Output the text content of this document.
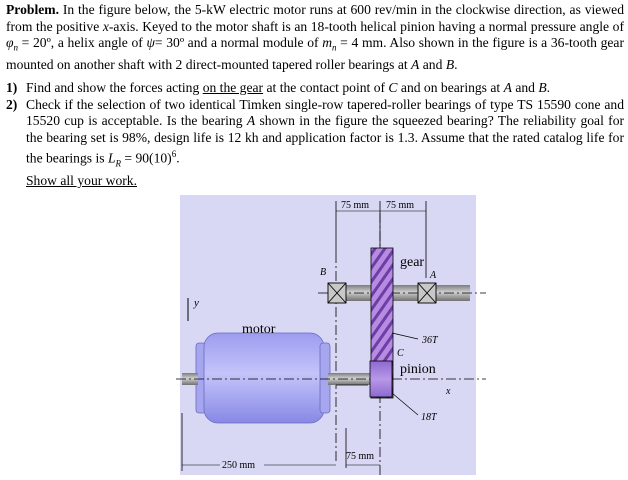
Problem. In the figure below, the 5-kW electric motor runs at 600 rev/min in the clockwise direction, as viewed from the positive x-axis. Keyed to the motor shaft is an 18-tooth helical pinion having a normal pressure angle of $\varphi_n$ = 20º, a helix angle of ψ= 30º and a normal module of $m_n = 4$ mm. Also shown in the figure is a 36-tooth gear mounted on another shaft with 2 direct-mounted tapered roller bearings at A and B.
1) Find and show the forces acting on the gear at the contact point of C and on bearings at A and B.
2) Check if the selection of two identical Timken single-row tapered-roller bearings of type TS 15590 cone and 15520 cup is acceptable. Is the bearing A shown in the figure the squeezed bearing? The reliability goal for the bearing set is 98%, design life is 12 kh and application factor is 1.3. Assume that the rated catalog life for the bearings is $L_R = 90(10)^6$.
Show all your work.
y
75 mm 75 mm
B	A
gear
36T
C
pinion
motor
18T
x
75 mm
250 mm
